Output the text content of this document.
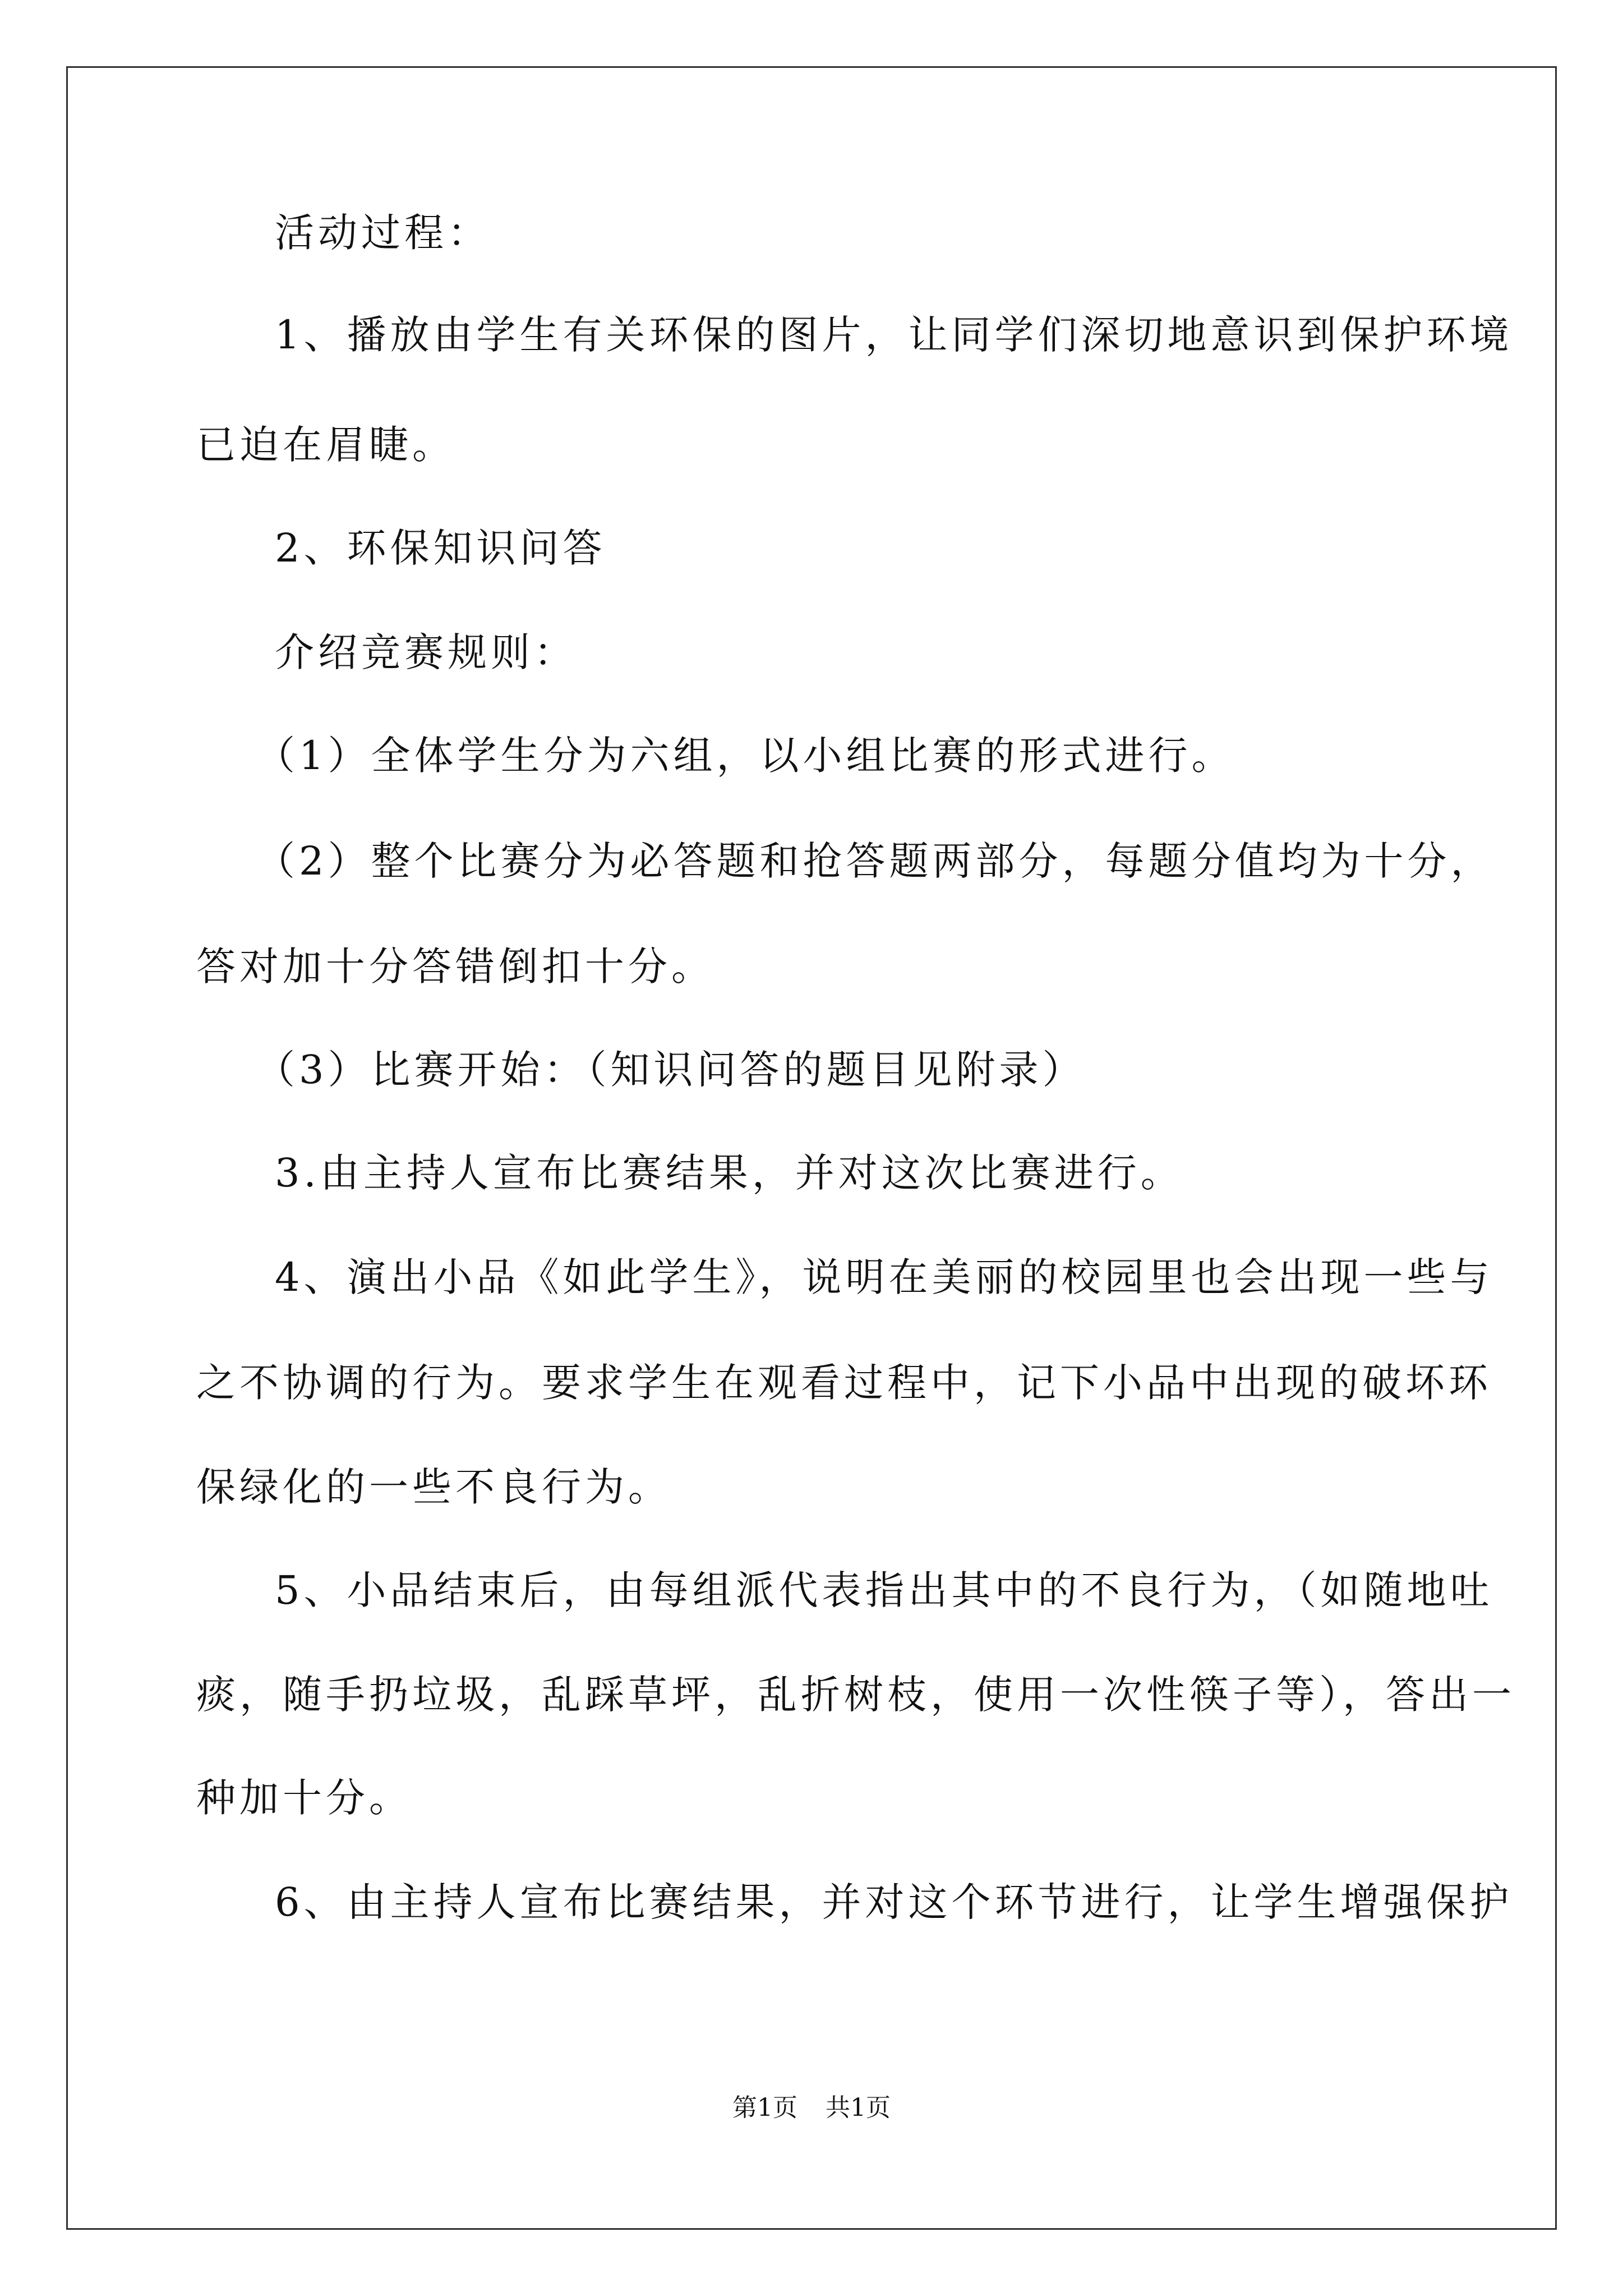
活动过程：
1、播放由学生有关环保的图片，让同学们深切地意识到保护环境
已迫在眉睫。
2、环保知识问答
介绍竞赛规则：
（1）全体学生分为六组，以小组比赛的形式进行。
（2）整个比赛分为必答题和抢答题两部分，每题分值均为十分，
答对加十分答错倒扣十分。
（3）比赛开始：（知识问答的题目见附录）
3.由主持人宣布比赛结果，并对这次比赛进行。
4、演出小品《如此学生》，说明在美丽的校园里也会出现一些与
之不协调的行为。要求学生在观看过程中，记下小品中出现的破坏环
保绿化的一些不良行为。
5、小品结束后，由每组派代表指出其中的不良行为，（如随地吐
痰，随手扔垃圾，乱踩草坪，乱折树枝，使用一次性筷子等），答出一
种加十分。
6、由主持人宣布比赛结果，并对这个环节进行，让学生增强保护
第1页 共1页
